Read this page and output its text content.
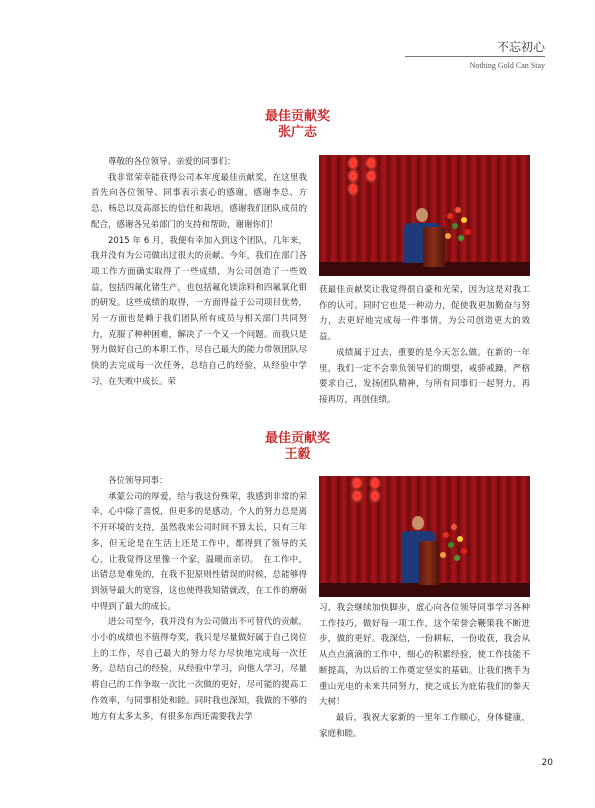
不忘初心
Nothing Gold Can Stay
最佳贡献奖
张广志

尊敬的各位领导、亲爱的同事们：

我非常荣幸能获得公司本年度最佳贡献奖，在这里我首先向各位领导、同事表示衷心的感谢。感谢李总、方总、杨总以及高部长的信任和栽培，感谢我们团队成员的配合，感谢各兄弟部门的支持和帮助，谢谢你们！

2015 年 6 月，我便有幸加入到这个团队，几年来，我并没有为公司做出过很大的贡献。今年，我们在部门各项工作方面确实取得了一些成绩，为公司创造了一些效益，包括四氟化锗生产，也包括氟化镁涂料和四氟氧化钼的研发。这些成绩的取得，一方面得益于公司项目优势，另一方面也是赖于我们团队所有成员与相关部门共同努力，克服了种种困难，解决了一个又一个问题。而我只是努力做好自己的本职工作，尽自己最大的能力带领团队尽快的去完成每一次任务，总结自己的经验，从经验中学习，在失败中成长。荣

获最佳贡献奖让我觉得很自豪和光荣，因为这是对我工作的认可。同时它也是一种动力，促使我更加勤奋与努力，去更好地完成每一件事情，为公司创造更大的效益。

成绩属于过去，重要的是今天怎么做。在新的一年里，我们一定不会辜负领导们的期望，戒骄戒躁，严格要求自己，发扬团队精神，与所有同事们一起努力，再接再厉，再创佳绩。

最佳贡献奖
王毅

各位领导同事：

承蒙公司的厚爱，给与我这份殊荣，我感到非常的荣幸，心中除了喜悦，但更多的是感动。个人的努力总是离不开环境的支持，虽然我来公司时间不算太长，只有三年多，但无论是在生活上还是工作中，都得到了领导的关心，让我觉得这里像一个家，温暖而亲切。　在工作中，出错总是难免的，在我不犯原则性错误的时候，总能够得到领导最大的宽容，这也使得我知错就改，在工作的磨砺中得到了最大的成长。

进公司至今，我并没有为公司做出不可替代的贡献，小小的成绩也不值得夸奖，我只是尽量做好属于自己岗位上的工作，尽自己最大的努力尽力尽快地完成每一次任务，总结自己的经验，从经验中学习，向他人学习，尽量将自己的工作争取一次比一次做的更好，尽可能的提高工作效率，与同事相处和睦。同时我也深知，我做的不够的地方有太多太多，有很多东西还需要我去学

习，我会继续加快脚步，虚心向各位领导同事学习各种工作技巧，做好每一项工作，这个荣誉会鞭策我不断进步，做的更好。我深信，一份耕耘，一份收获，我会从从点点滴滴的工作中，细心的积累经验，使工作技能不断提高，为以后的工作奠定坚实的基础。让我们携手为重山光电的未来共同努力，使之成长为庇佑我们的参天大树！

最后，我祝大家新的一里年工作顺心，身体健康，家庭和睦。

20
